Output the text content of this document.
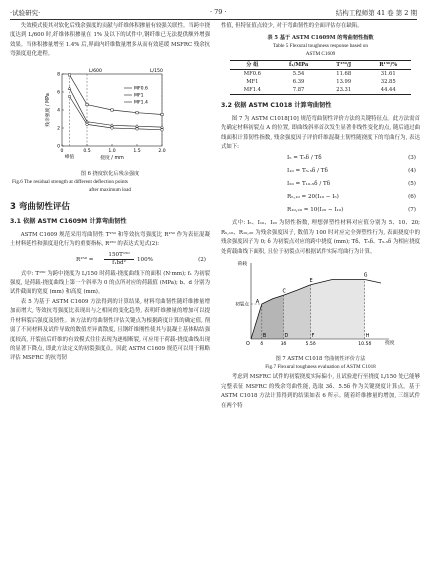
·试验研究·	· 79 ·	结构工程师第 41 卷 第 2 期

失效模式使其对软化后残余强度的贡献与纤维体积掺量有较强关联性。当跨中挠度达到 L/600 时,纤维体积掺量在 1% 及以下的试件中,钢纤维已无法提供额外增强效果。当体积掺量增至 1.4% 后,界面内纤维数量增多从而有效延缓 MSFRC 残余抗弯强度退化进程。

0
2
4
6
8
0	0.5	1.0	1.5	2.0
峰值	挠度 / mm
残余强度 / MPa
L/600	L/150
MF0.6
MF1
MF1.4
图 6 挠度软化后残余强度
Fig.6 The residual strength at different deflection points
after maximum load
3 弯曲韧性评估
3.1 依据 ASTM C1609M 计算弯曲韧性

ASTM C1609 规范采用弯曲韧性 T¹⁵⁰ 和等效抗弯强度比 R¹⁵⁰ 作为表征混凝土材料延性和强度退化行为的重要指标, R¹⁵⁰ 的表达式见式(2):

$R^{150} = \frac{\text{150T¹⁵⁰}}{\text{f₁bd²}} 100\%$	(2)

式中: T¹⁵⁰ 为跨中挠度为 L/150 时荷载-挠度曲线下的面积 (N·mm); f₁ 为初裂强度, 是荷载-挠度曲线上第一个斜率为 0 的点所对应的荷载值 (MPa); b、d 分别为试件截面的宽度 (mm) 和高度 (mm)。

表 5 为基于 ASTM C1609 方法得到的计算结果, 材料弯曲韧性随纤维掺量增加而增大, 等效抗弯强度比表现出与之相同的变化趋势, 表明纤维掺量的增加可以提升材料裂后强度及韧性。该方法的弯曲韧性评估关键点为根据跨度计算的确定值, 削弱了不同材料及试件导致的数值差异离散度, 且钢纤维刚性使其与混凝土基体粘结强度较高, 开裂前后纤维的有效模式往往表现为逐根断裂, 可应用于荷载-挠度曲线出现的显著下降点, 即此方法定义的初裂强度点。因此 ASTM C1609 规范可以用于粗略评估 MSFRC 的抗弯韧

性值, 但特征值点较少, 对于弯曲韧性的全面评估存在缺陷。

表 5 基于 ASTM C1609M 的弯曲韧性指数
Table 5 Flexural toughness response based on
ASTM C1609
分 组	f₁/MPa	T¹⁵⁰/J	R¹⁵⁰/%
MF0.6	5.54	11.68	31.61
MF1	6.39	13.99	32.85
MF1.4	7.87	23.31	44.44
3.2 依据 ASTM C1018 计算弯曲韧性

图 7 为 ASTM C1018[10] 规范弯曲韧性评价方法的关键特征点。此方法需首先确定材料初裂点 A 的位置, 即曲线斜率首次发生显著非线性变化的点, 随后通过曲线面积计算韧性指数, 残余强度因子评价纤维混凝土韧性随挠度下的弯曲行为, 表达式如下:

I₅ = T₃δ / Tδ	(3)
I₁₀ = T₅.₅δ / Tδ	(4)
I₂₀ = T₁₀.₅δ / Tδ	(5)
R₅,₁₀ = 20(I₁₀ − I₅)	(6)
R₁₀,₂₀ = 10(I₂₀ − I₁₀)	(7)

式中: I₅、I₁₀、I₂₀ 为韧性指数, 理想弹塑性材料对应值分别为 5、10、20; R₅,₁₀、R₁₀,₂₀ 为残余强度因子, 数值为 100 时对应完全弹塑性行为, 表面挠度中的残余强度因子为 0; δ 为初裂点对应的跨中挠度 (mm); Tδ、T₃δ、T₅.₅δ 为相应挠度处荷载曲线下面积, 且位于初裂点可根据试件实际弯曲行为计算。

挠度
荷载
初裂点
δ	3δ	5.5δ	10.5δ
O
A
B
C
D
E
F
G
H
图 7 ASTM C1018 弯曲韧性评价方法
Fig.7 Flexural toughness evaluation of ASTM C1018

考虑到 MSFRC 试件的初裂挠度实际偏小, 且试验进行至挠度 L/150 处已能够完整表征 MSFRC 的残余弯曲性能, 选取 3δ、5.5δ 作为关键挠度计算点。基于 ASTM C1018 方法计算得到的结果如表 6 所示。随着纤维掺量的增加, 三组试件在两个特
